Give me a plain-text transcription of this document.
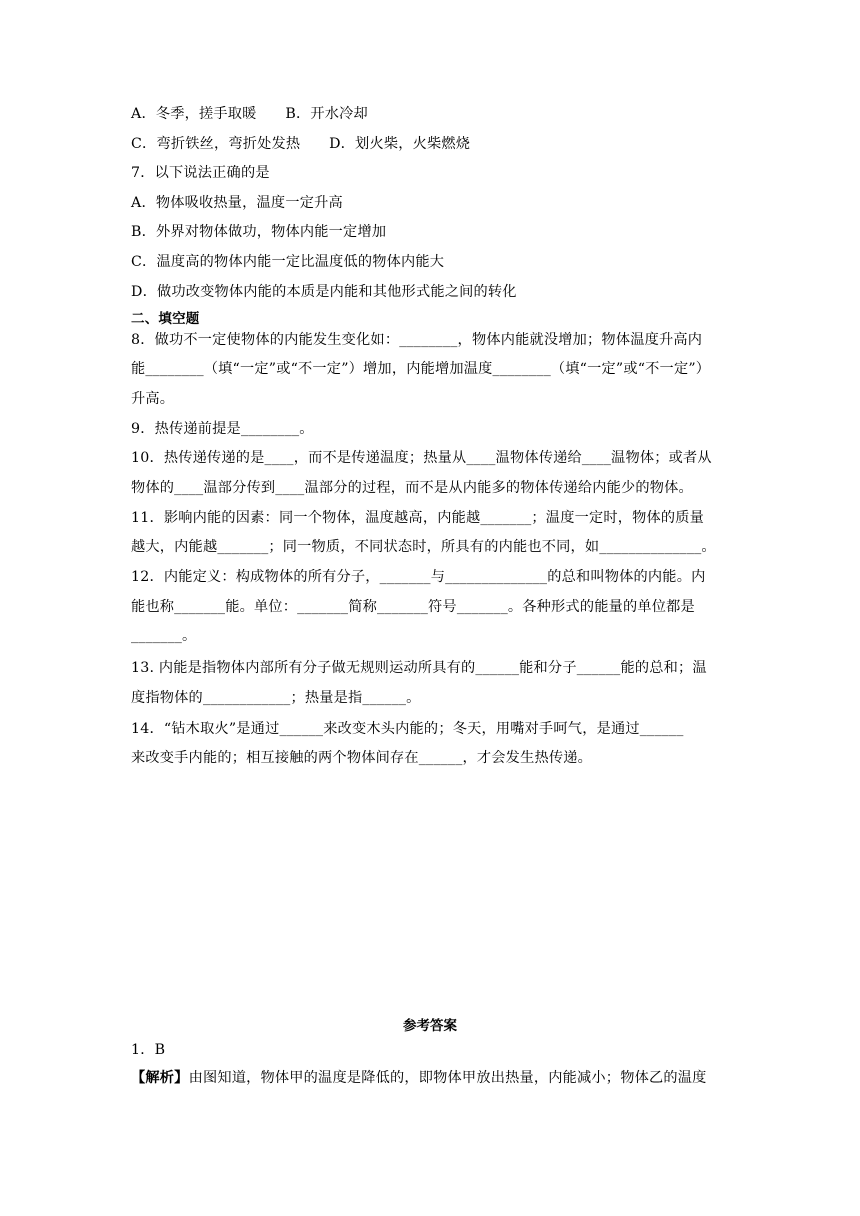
A．冬季，搓手取暖　　B．开水冷却
C．弯折铁丝，弯折处发热　　D．划火柴，火柴燃烧
7．以下说法正确的是
A．物体吸收热量，温度一定升高
B．外界对物体做功，物体内能一定增加
C．温度高的物体内能一定比温度低的物体内能大
D．做功改变物体内能的本质是内能和其他形式能之间的转化
二、填空题
8．做功不一定使物体的内能发生变化如：________，物体内能就没增加；物体温度升高内
能________（填“一定”或“不一定”）增加，内能增加温度________（填“一定”或“不一定”）
升高。
9．热传递前提是________。
10．热传递传递的是____，而不是传递温度；热量从____温物体传递给____温物体；或者从
物体的____温部分传到____温部分的过程，而不是从内能多的物体传递给内能少的物体。
11．影响内能的因素：同一个物体，温度越高，内能越_______；温度一定时，物体的质量
越大，内能越_______；同一物质，不同状态时，所具有的内能也不同，如______________。
12．内能定义：构成物体的所有分子，_______与______________的总和叫物体的内能。内
能也称_______能。单位：_______简称_______符号_______。各种形式的能量的单位都是
_______。
13. 内能是指物体内部所有分子做无规则运动所具有的______能和分子______能的总和；温
度指物体的____________；热量是指______。
14．“钻木取火”是通过______来改变木头内能的；冬天，用嘴对手呵气，是通过______
来改变手内能的；相互接触的两个物体间存在______，才会发生热传递。
参考答案
1．B
【解析】由图知道，物体甲的温度是降低的，即物体甲放出热量，内能减小；物体乙的温度
